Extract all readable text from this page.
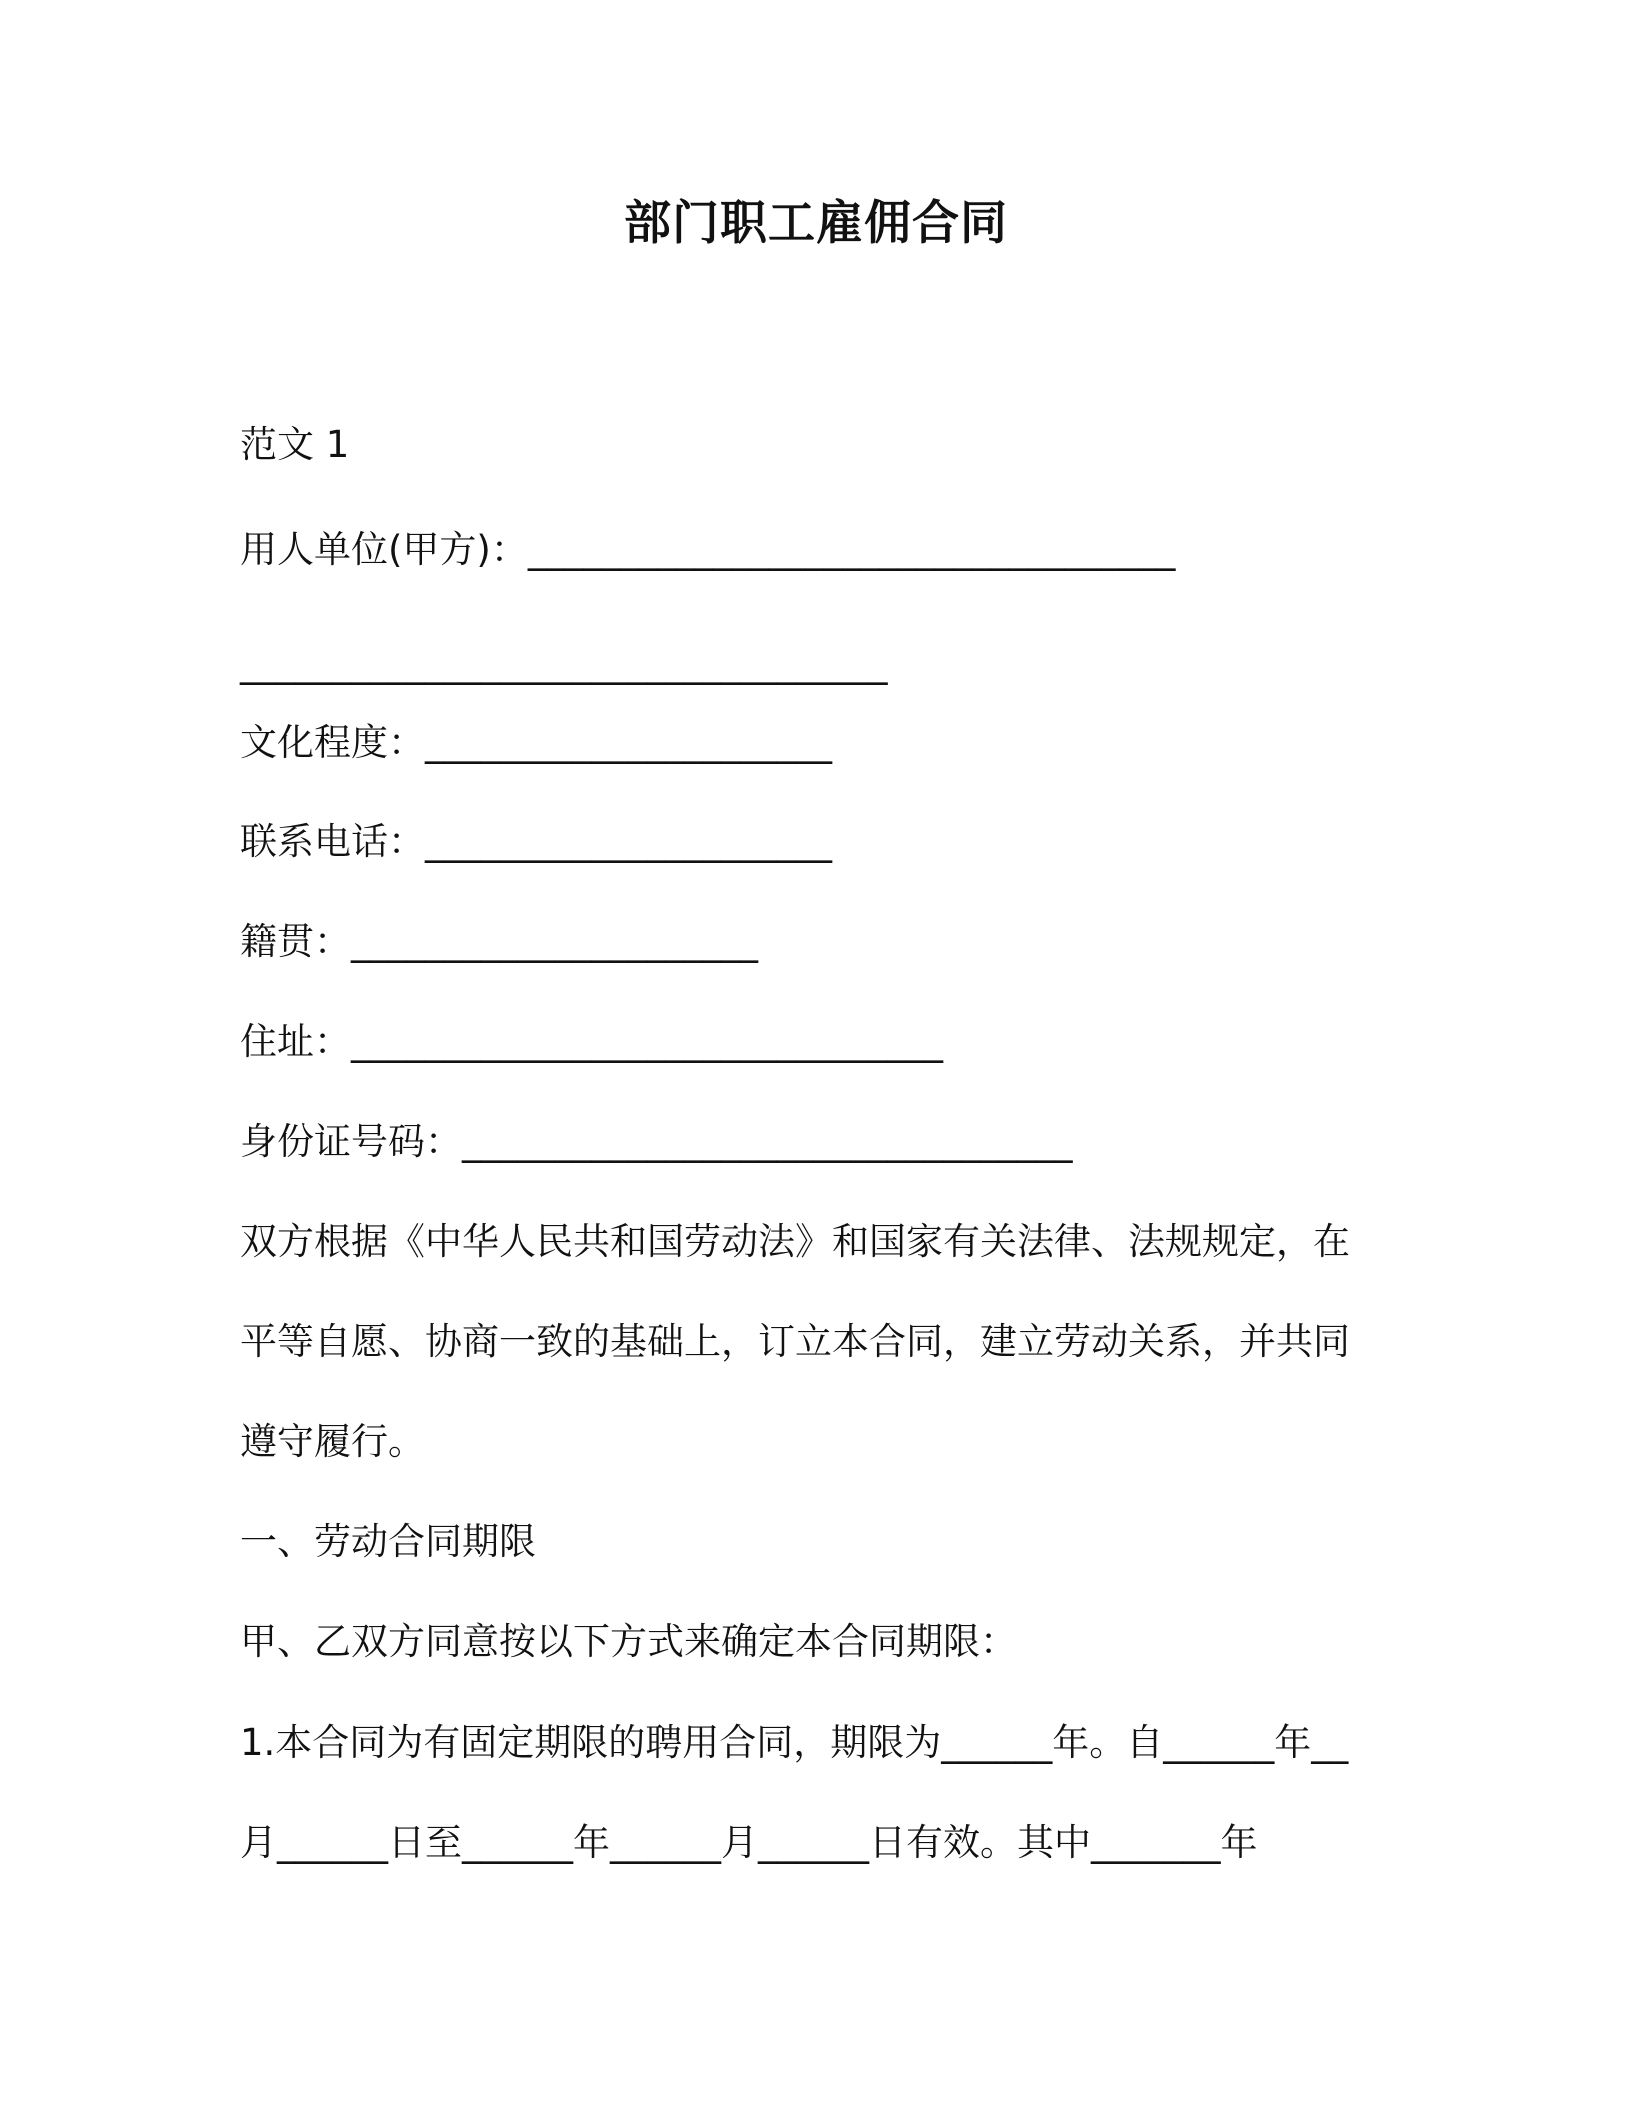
部门职工雇佣合同

范文 1

用人单位(甲方)：___________________________________

___________________________________

文化程度：______________________

联系电话：______________________

籍贯：______________________

住址：________________________________

身份证号码：_________________________________

双方根据《中华人民共和国劳动法》和国家有关法律、法规规定，在

平等自愿、协商一致的基础上，订立本合同，建立劳动关系，并共同

遵守履行。

一、劳动合同期限

甲、乙双方同意按以下方式来确定本合同期限：

1.本合同为有固定期限的聘用合同，期限为______年。自______年__

月______日至______年______月______日有效。其中_______年
